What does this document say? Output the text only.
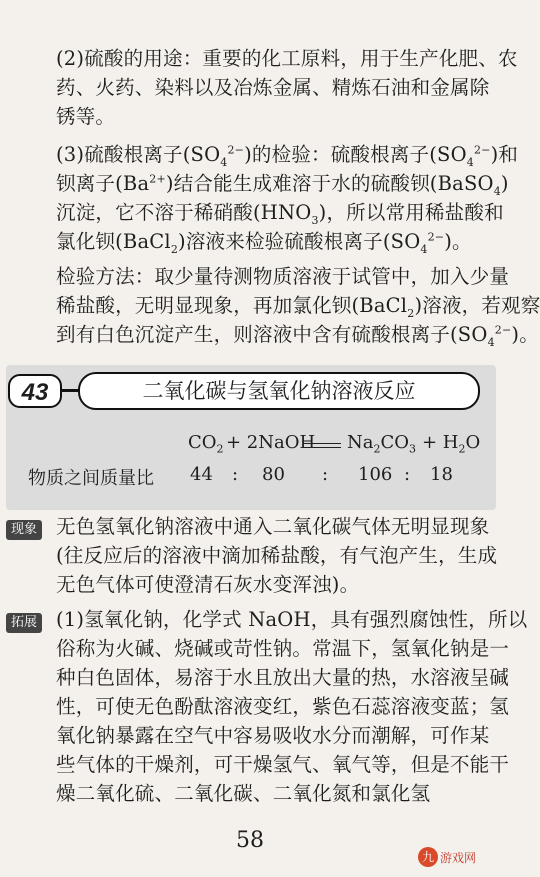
(2)硫酸的用途：重要的化工原料，用于生产化肥、农
药、火药、染料以及冶炼金属、精炼石油和金属除
锈等。
(3)硫酸根离子$(SO_4^{2-})$的检验：硫酸根离子$(SO_4^{2-})$和
钡离子$(Ba^{2+})$结合能生成难溶于水的硫酸钡(BaSO$_4$)
沉淀，它不溶于稀硝酸$(HNO_3)$，所以常用稀盐酸和
氯化钡(BaCl$_2$)溶液来检验硫酸根离子$(SO_4^{2-})$。
检验方法：取少量待测物质溶液于试管中，加入少量
稀盐酸，无明显现象，再加氯化钡(BaCl$_2$)溶液，若观察
到有白色沉淀产生，则溶液中含有硫酸根离子$(SO_4^{2-})$。
43	二氧化碳与氢氧化钠溶液反应
$CO_2$ + 2NaOH $Na_2CO_3 + H_2O$
物质之间质量比 44 : 80 : 106 : 18
现象 无色氢氧化钠溶液中通入二氧化碳气体无明显现象
(往反应后的溶液中滴加稀盐酸，有气泡产生，生成
无色气体可使澄清石灰水变浑浊)。
拓展 (1)氢氧化钠，化学式 NaOH，具有强烈腐蚀性，所以
俗称为火碱、烧碱或苛性钠。常温下，氢氧化钠是一
种白色固体，易溶于水且放出大量的热，水溶液呈碱
性，可使无色酚酞溶液变红，紫色石蕊溶液变蓝；氢
氧化钠暴露在空气中容易吸收水分而潮解，可作某
些气体的干燥剂，可干燥氢气、氧气等，但是不能干
燥二氧化硫、二氧化碳、二氧化氮和氯化氢
58
九 游戏网
